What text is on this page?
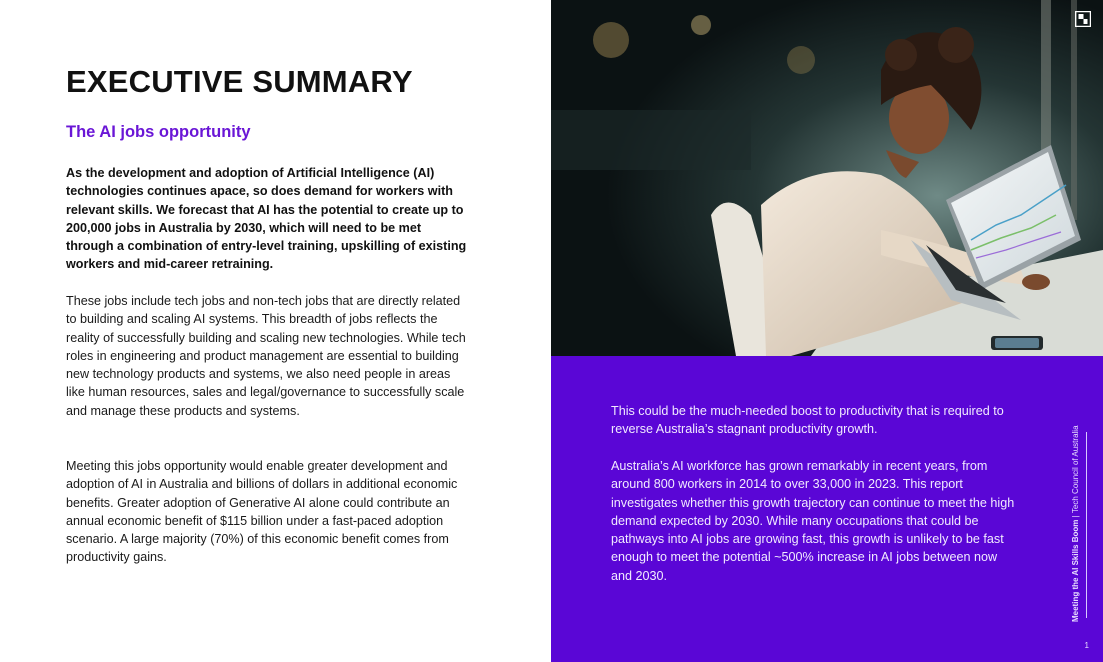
EXECUTIVE SUMMARY
The AI jobs opportunity

As the development and adoption of Artificial Intelligence (AI) technologies continues apace, so does demand for workers with relevant skills. We forecast that AI has the potential to create up to 200,000 jobs in Australia by 2030, which will need to be met through a combination of entry-level training, upskilling of existing workers and mid-career retraining.

These jobs include tech jobs and non-tech jobs that are directly related to building and scaling AI systems. This breadth of jobs reflects the reality of successfully building and scaling new technologies. While tech roles in engineering and product management are essential to building new technology products and systems, we also need people in areas like human resources, sales and legal/governance to successfully scale and manage these products and systems.

Meeting this jobs opportunity would enable greater development and adoption of AI in Australia and billions of dollars in additional economic benefits. Greater adoption of Generative AI alone could contribute an annual economic benefit of $115 billion under a fast-paced adoption scenario. A large majority (70%) of this economic benefit comes from productivity gains.

This could be the much-needed boost to productivity that is required to reverse Australia’s stagnant productivity growth.

Australia’s AI workforce has grown remarkably in recent years, from around 800 workers in 2014 to over 33,000 in 2023. This report investigates whether this growth trajectory can continue to meet the high demand expected by 2030. While many occupations that could be pathways into AI jobs are growing fast, this growth is unlikely to be fast enough to meet the potential ~500% increase in AI jobs between now and 2030.	Meeting the AI Skills Boom | Tech Council of Australia
1
